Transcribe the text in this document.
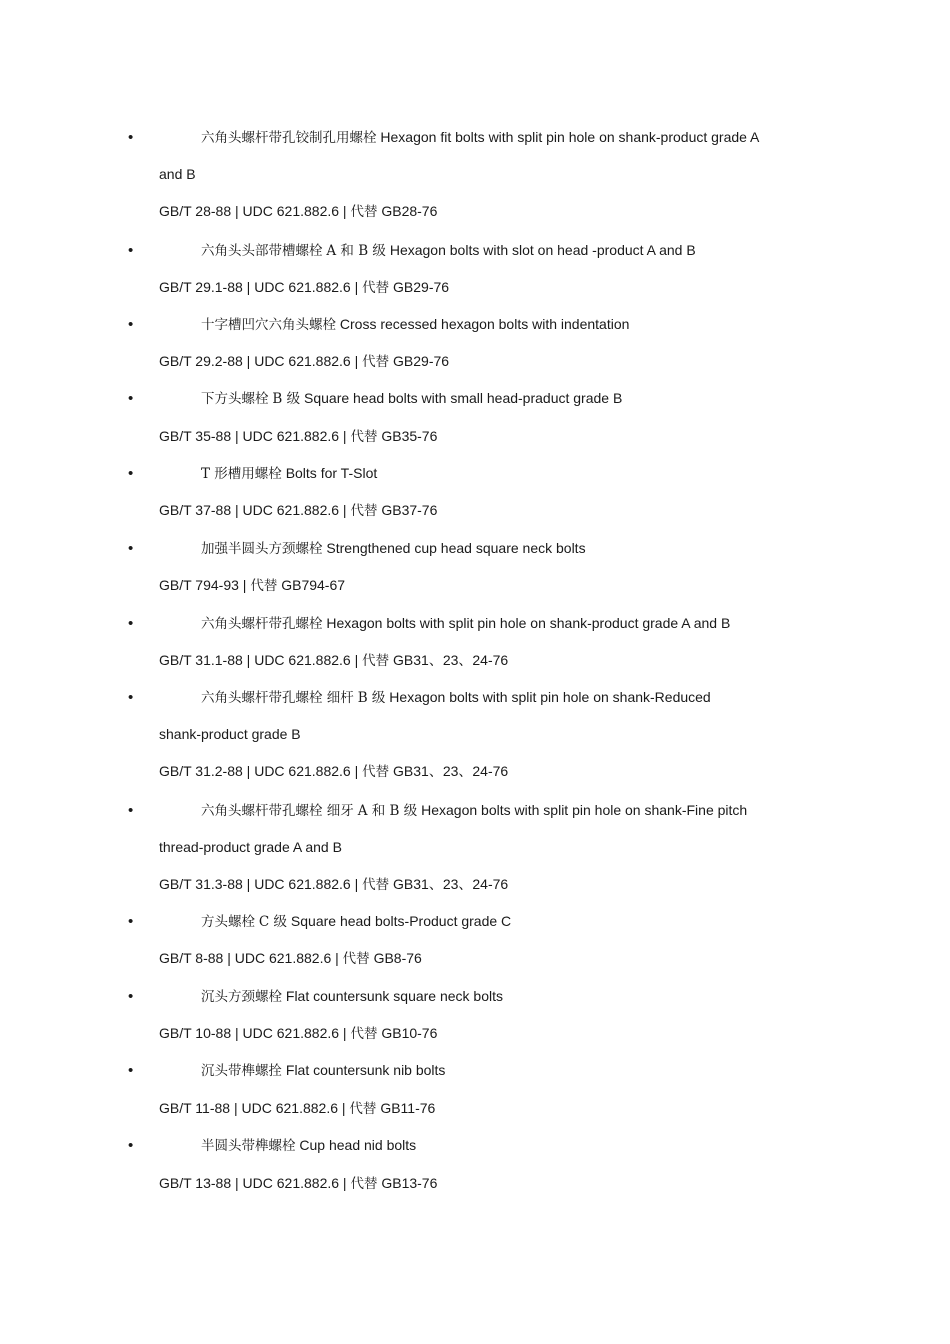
•	六角头螺杆带孔铰制孔用螺栓 Hexagon fit bolts with split pin hole on shank-product grade A
and B
GB/T 28-88 | UDC 621.882.6 | 代替 GB28-76
•	六角头头部带槽螺栓 A 和 B 级 Hexagon bolts with slot on head -product A and B
GB/T 29.1-88 | UDC 621.882.6 | 代替 GB29-76
•	十字槽凹穴六角头螺栓 Cross recessed hexagon bolts with indentation
GB/T 29.2-88 | UDC 621.882.6 | 代替 GB29-76
•	下方头螺栓 B 级 Square head bolts with small head-praduct grade B
GB/T 35-88 | UDC 621.882.6 | 代替 GB35-76
•	T 形槽用螺栓 Bolts for T-Slot
GB/T 37-88 | UDC 621.882.6 | 代替 GB37-76
•	加强半圆头方颈螺栓 Strengthened cup head square neck bolts
GB/T 794-93 | 代替 GB794-67
•	六角头螺杆带孔螺栓 Hexagon bolts with split pin hole on shank-product grade A and B
GB/T 31.1-88 | UDC 621.882.6 | 代替 GB31、23、24-76
•	六角头螺杆带孔螺栓 细杆 B 级 Hexagon bolts with split pin hole on shank-Reduced
shank-product grade B
GB/T 31.2-88 | UDC 621.882.6 | 代替 GB31、23、24-76
•	六角头螺杆带孔螺栓 细牙 A 和 B 级 Hexagon bolts with split pin hole on shank-Fine pitch
thread-product grade A and B
GB/T 31.3-88 | UDC 621.882.6 | 代替 GB31、23、24-76
•	方头螺栓 C 级 Square head bolts-Product grade C
GB/T 8-88 | UDC 621.882.6 | 代替 GB8-76
•	沉头方颈螺栓 Flat countersunk square neck bolts
GB/T 10-88 | UDC 621.882.6 | 代替 GB10-76
•	沉头带榫螺拴 Flat countersunk nib bolts
GB/T 11-88 | UDC 621.882.6 | 代替 GB11-76
•	半圆头带榫螺栓 Cup head nid bolts
GB/T 13-88 | UDC 621.882.6 | 代替 GB13-76
